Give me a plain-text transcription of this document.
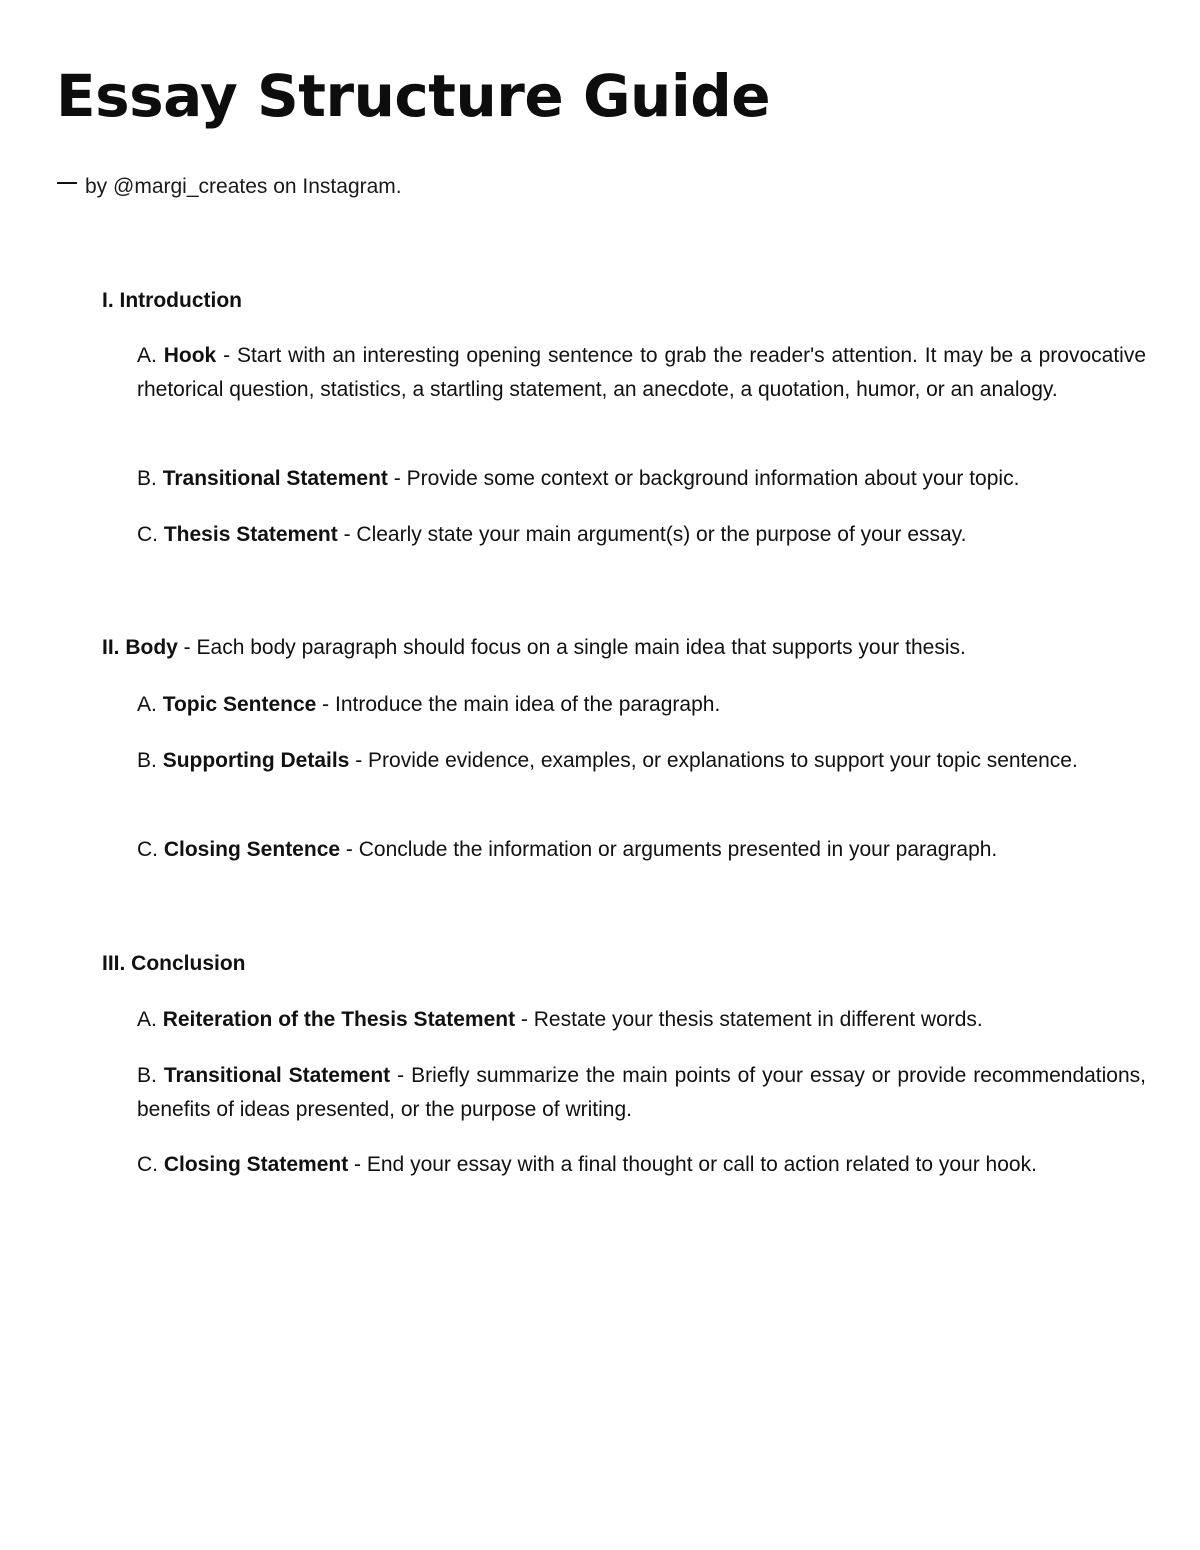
Essay Structure Guide
by @margi_creates on Instagram.

I. Introduction

A. Hook - Start with an interesting opening sentence to grab the reader's attention. It may be a provocative rhetorical question, statistics, a startling statement, an anecdote, a quotation, humor, or an analogy.

B. Transitional Statement - Provide some context or background information about your topic.

C. Thesis Statement - Clearly state your main argument(s) or the purpose of your essay.

II. Body - Each body paragraph should focus on a single main idea that supports your thesis.

A. Topic Sentence - Introduce the main idea of the paragraph.

B. Supporting Details - Provide evidence, examples, or explanations to support your topic sentence.

C. Closing Sentence - Conclude the information or arguments presented in your paragraph.

III. Conclusion

A. Reiteration of the Thesis Statement - Restate your thesis statement in different words.

B. Transitional Statement - Briefly summarize the main points of your essay or provide recommendations, benefits of ideas presented, or the purpose of writing.

C. Closing Statement - End your essay with a final thought or call to action related to your hook.
